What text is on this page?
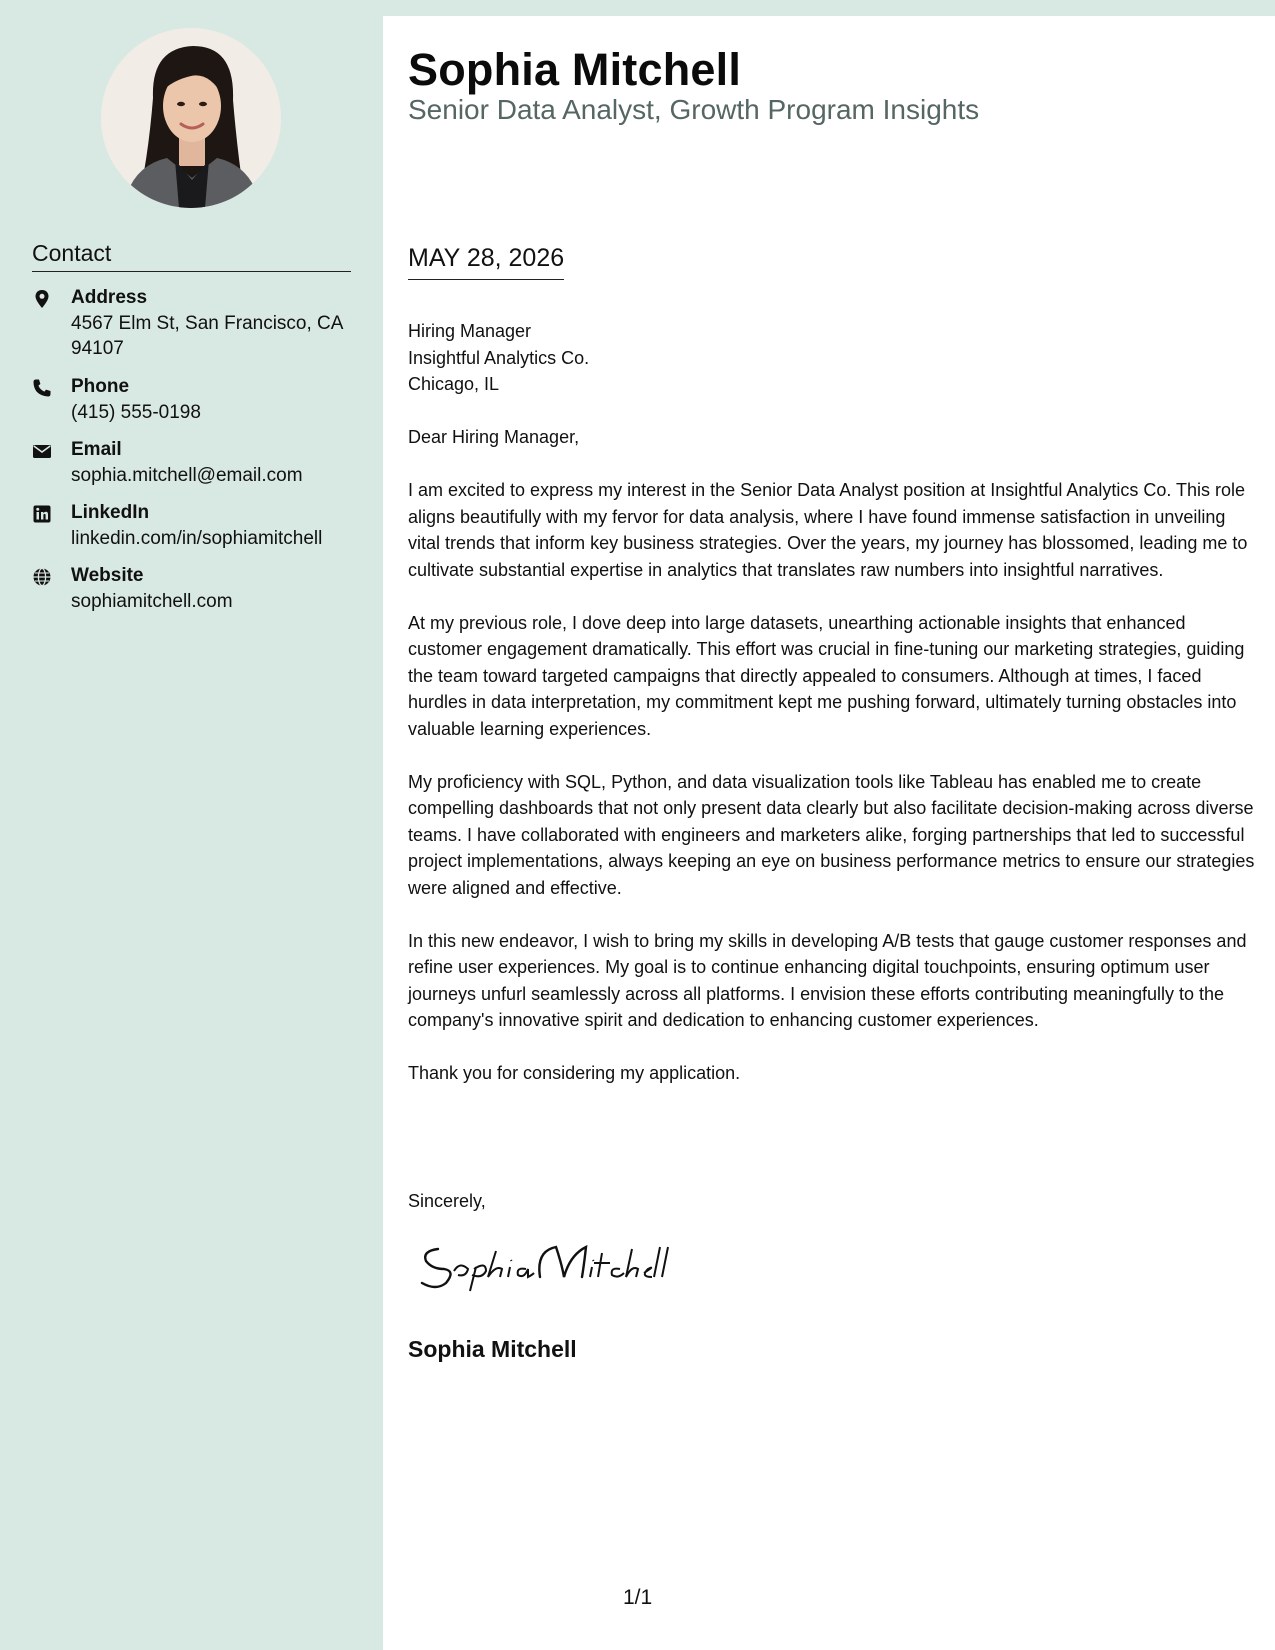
Contact
Address
4567 Elm St, San Francisco, CA 94107
Phone
(415) 555-0198
Email
sophia.mitchell@email.com
LinkedIn
linkedin.com/in/sophiamitchell
Website
sophiamitchell.com
Sophia Mitchell
Senior Data Analyst, Growth Program Insights
MAY 28, 2026
Hiring Manager
Insightful Analytics Co.
Chicago, IL

Dear Hiring Manager,

I am excited to express my interest in the Senior Data Analyst position at Insightful Analytics Co. This role aligns beautifully with my fervor for data analysis, where I have found immense satisfaction in unveiling vital trends that inform key business strategies. Over the years, my journey has blossomed, leading me to cultivate substantial expertise in analytics that translates raw numbers into insightful narratives.

At my previous role, I dove deep into large datasets, unearthing actionable insights that enhanced customer engagement dramatically. This effort was crucial in fine-tuning our marketing strategies, guiding the team toward targeted campaigns that directly appealed to consumers. Although at times, I faced hurdles in data interpretation, my commitment kept me pushing forward, ultimately turning obstacles into valuable learning experiences.

My proficiency with SQL, Python, and data visualization tools like Tableau has enabled me to create compelling dashboards that not only present data clearly but also facilitate decision-making across diverse teams. I have collaborated with engineers and marketers alike, forging partnerships that led to successful project implementations, always keeping an eye on business performance metrics to ensure our strategies were aligned and effective.

In this new endeavor, I wish to bring my skills in developing A/B tests that gauge customer responses and refine user experiences. My goal is to continue enhancing digital touchpoints, ensuring optimum user journeys unfurl seamlessly across all platforms. I envision these efforts contributing meaningfully to the company's innovative spirit and dedication to enhancing customer experiences.

Thank you for considering my application.

Sincerely,
Sophia Mitchell
1/1
